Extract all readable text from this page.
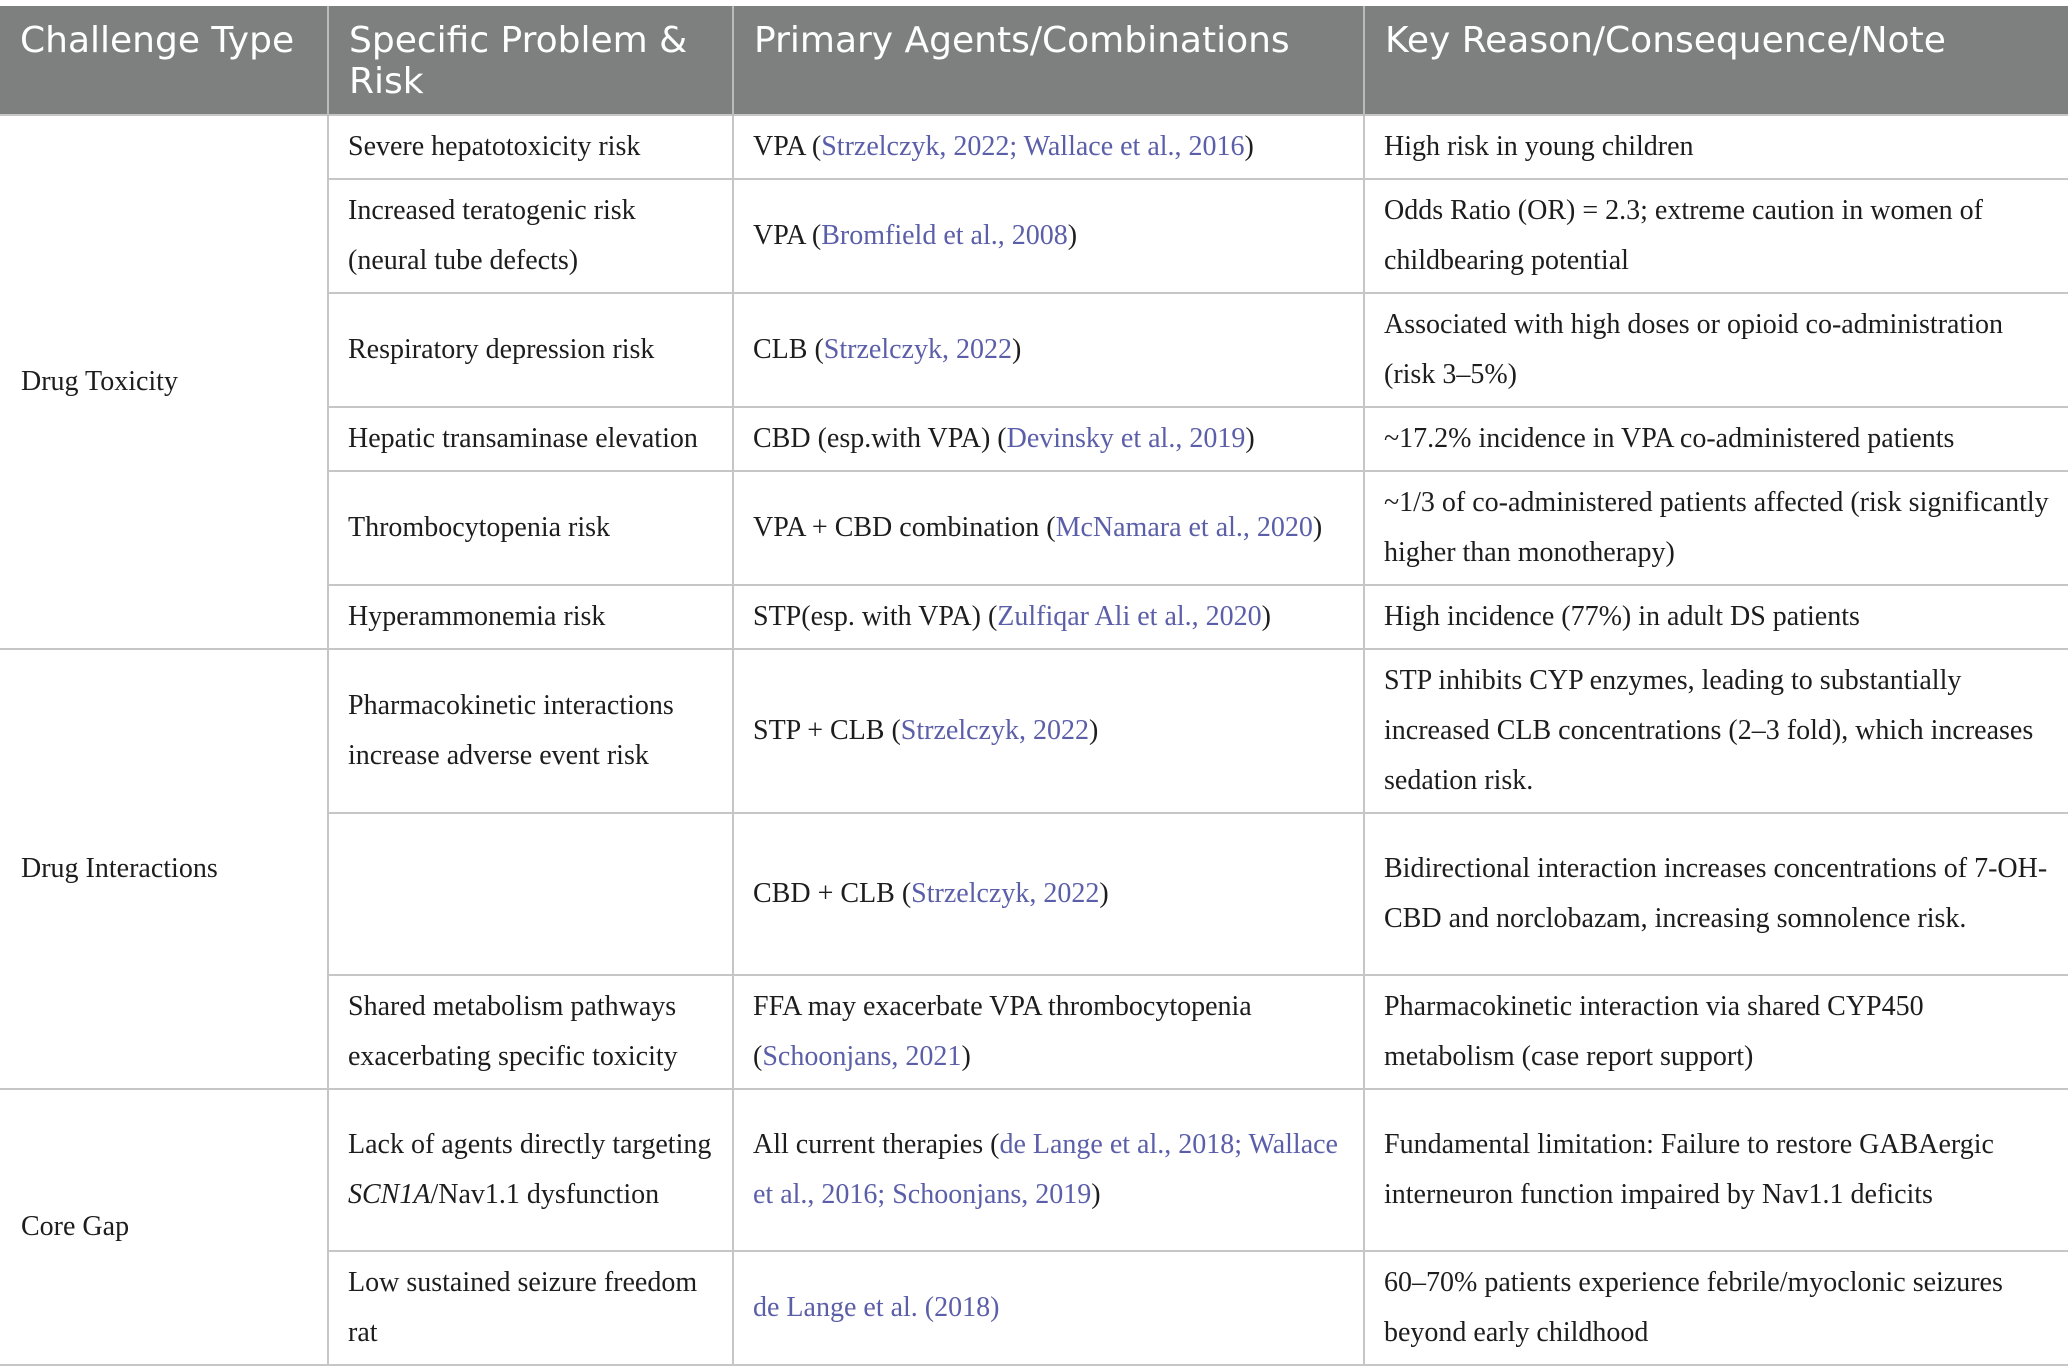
Challenge Type	Specific Problem & Risk	Primary Agents/Combinations	Key Reason/Consequence/Note
Drug Toxicity	Severe hepatotoxicity risk	VPA (Strzelczyk, 2022; Wallace et al., 2016)	High risk in young children
	Increased teratogenic risk (neural tube defects)	VPA (Bromfield et al., 2008)	Odds Ratio (OR) = 2.3; extreme caution in women of childbearing potential
	Respiratory depression risk	CLB (Strzelczyk, 2022)	Associated with high doses or opioid co-administration (risk 3–5%)
	Hepatic transaminase elevation	CBD (esp.with VPA) (Devinsky et al., 2019)	~17.2% incidence in VPA co-administered patients
	Thrombocytopenia risk	VPA + CBD combination (McNamara et al., 2020)	~1/3 of co-administered patients affected (risk significantly higher than monotherapy)
	Hyperammonemia risk	STP(esp. with VPA) (Zulfiqar Ali et al., 2020)	High incidence (77%) in adult DS patients
Drug Interactions	Pharmacokinetic interactions increase adverse event risk	STP + CLB (Strzelczyk, 2022)	STP inhibits CYP enzymes, leading to substantially increased CLB concentrations (2–3 fold), which increases sedation risk.
		CBD + CLB (Strzelczyk, 2022)	Bidirectional interaction increases concentrations of 7-OH-CBD and norclobazam, increasing somnolence risk.
	Shared metabolism pathways exacerbating specific toxicity	FFA may exacerbate VPA thrombocytopenia (Schoonjans, 2021)	Pharmacokinetic interaction via shared CYP450 metabolism (case report support)
Core Gap	Lack of agents directly targeting SCN1A/Nav1.1 dysfunction	All current therapies (de Lange et al., 2018; Wallace et al., 2016; Schoonjans, 2019)	Fundamental limitation: Failure to restore GABAergic interneuron function impaired by Nav1.1 deficits
	Low sustained seizure freedom rat	de Lange et al. (2018)	60–70% patients experience febrile/myoclonic seizures beyond early childhood
